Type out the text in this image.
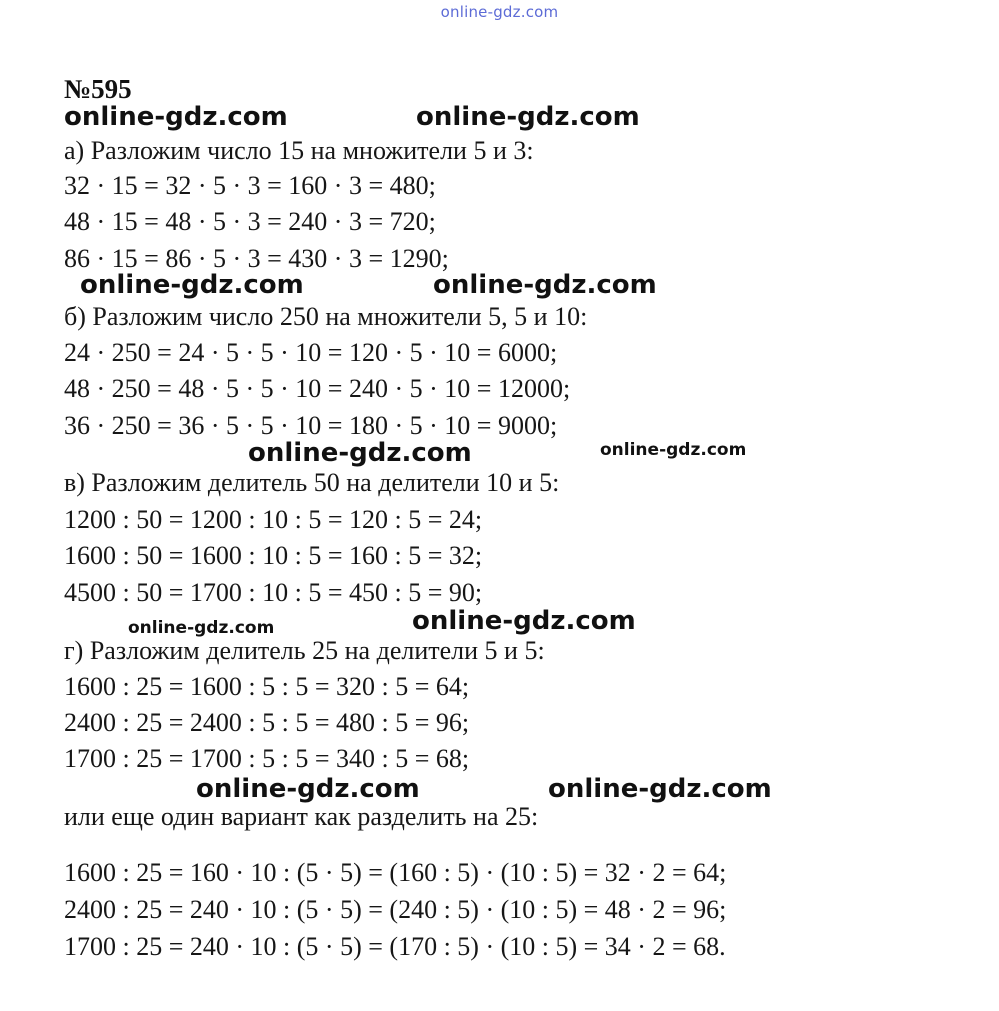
online-gdz.com
№595
а) Разложим число 15 на множители 5 и 3:
32 · 15 = 32 · 5 · 3 = 160 · 3 = 480;
48 · 15 = 48 · 5 · 3 = 240 · 3 = 720;
86 · 15 = 86 · 5 · 3 = 430 · 3 = 1290;
б) Разложим число 250 на множители 5, 5 и 10:
24 · 250 = 24 · 5 · 5 · 10 = 120 · 5 · 10 = 6000;
48 · 250 = 48 · 5 · 5 · 10 = 240 · 5 · 10 = 12000;
36 · 250 = 36 · 5 · 5 · 10 = 180 · 5 · 10 = 9000;
в) Разложим делитель 50 на делители 10 и 5:
1200 : 50 = 1200 : 10 : 5 = 120 : 5 = 24;
1600 : 50 = 1600 : 10 : 5 = 160 : 5 = 32;
4500 : 50 = 1700 : 10 : 5 = 450 : 5 = 90;
г) Разложим делитель 25 на делители 5 и 5:
1600 : 25 = 1600 : 5 : 5 = 320 : 5 = 64;
2400 : 25 = 2400 : 5 : 5 = 480 : 5 = 96;
1700 : 25 = 1700 : 5 : 5 = 340 : 5 = 68;
или еще один вариант как разделить на 25:
1600 : 25 = 160 · 10 : (5 · 5) = (160 : 5) · (10 : 5) = 32 · 2 = 64;
2400 : 25 = 240 · 10 : (5 · 5) = (240 : 5) · (10 : 5) = 48 · 2 = 96;
1700 : 25 = 240 · 10 : (5 · 5) = (170 : 5) · (10 : 5) = 34 · 2 = 68.
online-gdz.com	online-gdz.com
online-gdz.com	online-gdz.com
online-gdz.com	online-gdz.com
online-gdz.com	online-gdz.com
online-gdz.com	online-gdz.com
